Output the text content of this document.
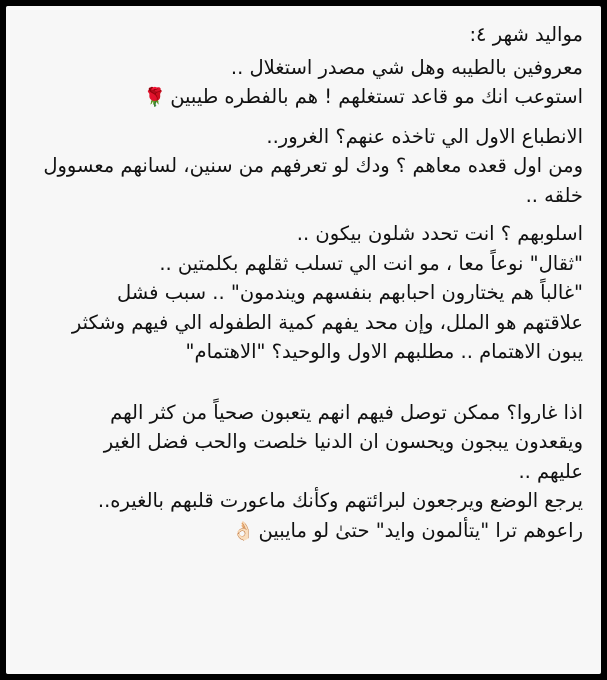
مواليد شهر ٤:
معروفين بالطيبه وهل شي مصدر استغلال ..
استوعب انك مو قاعد تستغلهم ! هم بالفطره طيبين🌹
الانطباع الاول الي تاخذه عنهم؟ الغرور..
ومن اول قعده معاهم ؟ ودك لو تعرفهم من سنين، لسانهم معسوول
خلقه ..
اسلوبهم ؟ انت تحدد شلون بيكون ..
"ثقال" نوعاً معا ، مو انت الي تسلب ثقلهم بكلمتين ..
"غالباً هم يختارون احبابهم بنفسهم ويندمون" .. سبب فشل
علاقتهم هو الملل، وإن محد يفهم كمية الطفوله الي فيهم وشكثر
يبون الاهتمام .. مطلبهم الاول والوحيد؟ "الاهتمام"
اذا غاروا؟ ممكن توصل فيهم انهم يتعبون صحياً من كثر الهم
ويقعدون يبجون ويحسون ان الدنيا خلصت والحب فضل الغير
عليهم ..
يرجع الوضع ويرجعون لبرائتهم وكأنك ماعورت قلبهم بالغيره..
راعوهم ترا "يتألمون وايد" حتىٰ لو مايبين👌🏻
